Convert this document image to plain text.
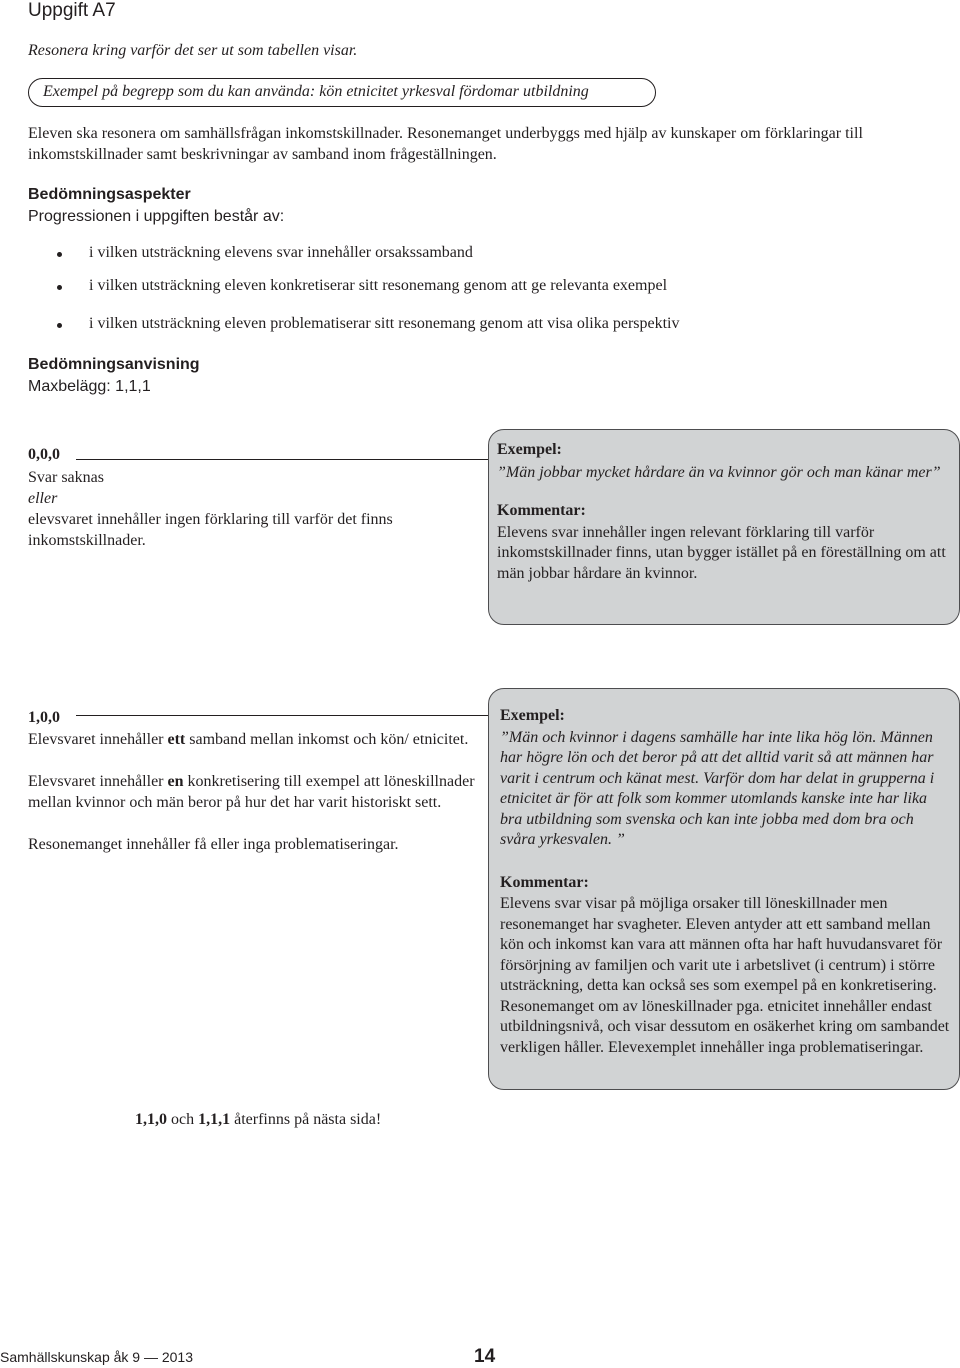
Uppgift A7
Resonera kring varför det ser ut som tabellen visar.
Exempel på begrepp som du kan använda: kön etnicitet yrkesval fördomar utbildning
Eleven ska resonera om samhällsfrågan inkomstskillnader. Resonemanget underbyggs med hjälp av kunskaper om förklaringar till inkomstskillnader samt beskrivningar av samband inom frågeställningen.
Bedömningsaspekter
Progressionen i uppgiften består av:
i vilken utsträckning elevens svar innehåller orsakssamband
i vilken utsträckning eleven konkretiserar sitt resonemang genom att ge relevanta exempel
i vilken utsträckning eleven problematiserar sitt resonemang genom att visa olika perspektiv
Bedömningsanvisning
Maxbelägg: 1,1,1
0,0,0
Svar saknas
eller
elevsvaret innehåller ingen förklaring till varför det finns inkomstskillnader.
Exempel:
”Män jobbar mycket hårdare än va kvinnor gör och man känar mer”
Kommentar:
Elevens svar innehåller ingen relevant förklaring till varför inkomstskillnader finns, utan bygger istället på en föreställning om att män jobbar hårdare än kvinnor.
1,0,0
Elevsvaret innehåller ett samband mellan inkomst och kön/ etnicitet.
Elevsvaret innehåller en konkretisering till exempel att löneskillnader mellan kvinnor och män beror på hur det har varit historiskt sett.
Resonemanget innehåller få eller inga problematiseringar.
Exempel:
”Män och kvinnor i dagens samhälle har inte lika hög lön. Männen har högre lön och det beror på att det alltid varit så att männen har varit i centrum och känat mest. Varför dom har delat in grupperna i etnicitet är för att folk som kommer utomlands kanske inte har lika bra utbildning som svenska och kan inte jobba med dom bra och svåra yrkesvalen. ”
Kommentar:
Elevens svar visar på möjliga orsaker till löneskillnader men resonemanget har svagheter. Eleven antyder att ett samband mellan kön och inkomst kan vara att männen ofta har haft huvudansvaret för försörjning av familjen och varit ute i arbetslivet (i centrum) i större utsträckning, detta kan också ses som exempel på en konkretisering. Resonemanget om av löneskillnader pga. etnicitet innehåller endast utbildningsnivå, och visar dessutom en osäkerhet kring om sambandet verkligen håller. Elevexemplet innehåller inga problematiseringar.
1,1,0 och 1,1,1 återfinns på nästa sida!
Samhällskunskap åk 9 — 2013	14
